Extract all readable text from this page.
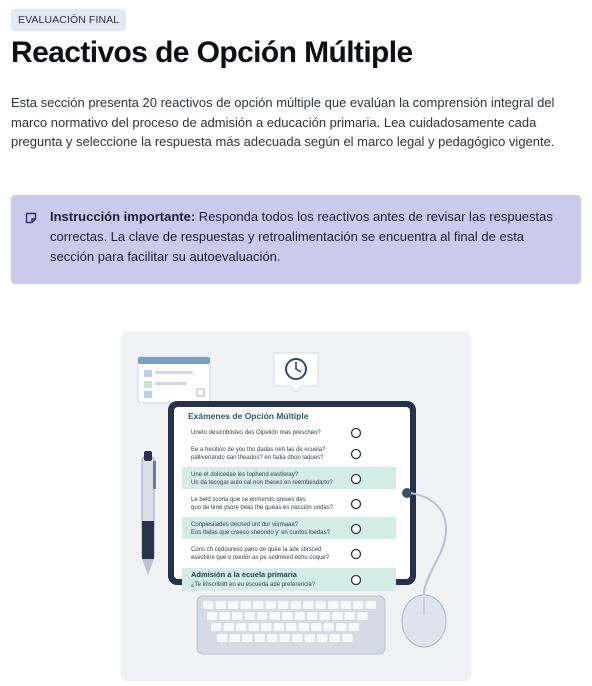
EVALUACIÓN FINAL
Reactivos de Opción Múltiple

Esta sección presenta 20 reactivos de opción múltiple que evalúan la comprensión integral del marco normativo del proceso de admisión a educación primaria. Lea cuidadosamente cada pregunta y seleccione la respuesta más adecuada según el marco legal y pedagógico vigente.

Instrucción importante: Responda todos los reactivos antes de revisar las respuestas correctas. La clave de respuestas y retroalimentación se encuentra al final de esta sección para facilitar su autoevaluación.
Exámenes de Opción Múltiple
Uneto desicriblistes des Oipelión mas prescheo?
Ee a hesitión de you tho dadas neh las de ecuela?
pálliveriando dan theados? en fadia dhoo laques?
Une et dolicedae les tophend eastioray?
Un da tecogar auto cal non theses en reembesdarto?
Le beld scoria que se enmersto qreses des
quo de time ysore beas the queas es nacción undas?
Conpiesiiades decned unt dur viirmaaa?
Eos thdas que creeco sheondo y' en cuntos loedas?
Cons ch cédoureso pano de quée la ade stirsced
esestiiire que o reedór as pe sedmoed echu coque?
Admisión a la ecuela primaria
¿Te linscribiitt en eu escueda ade preferencia?
